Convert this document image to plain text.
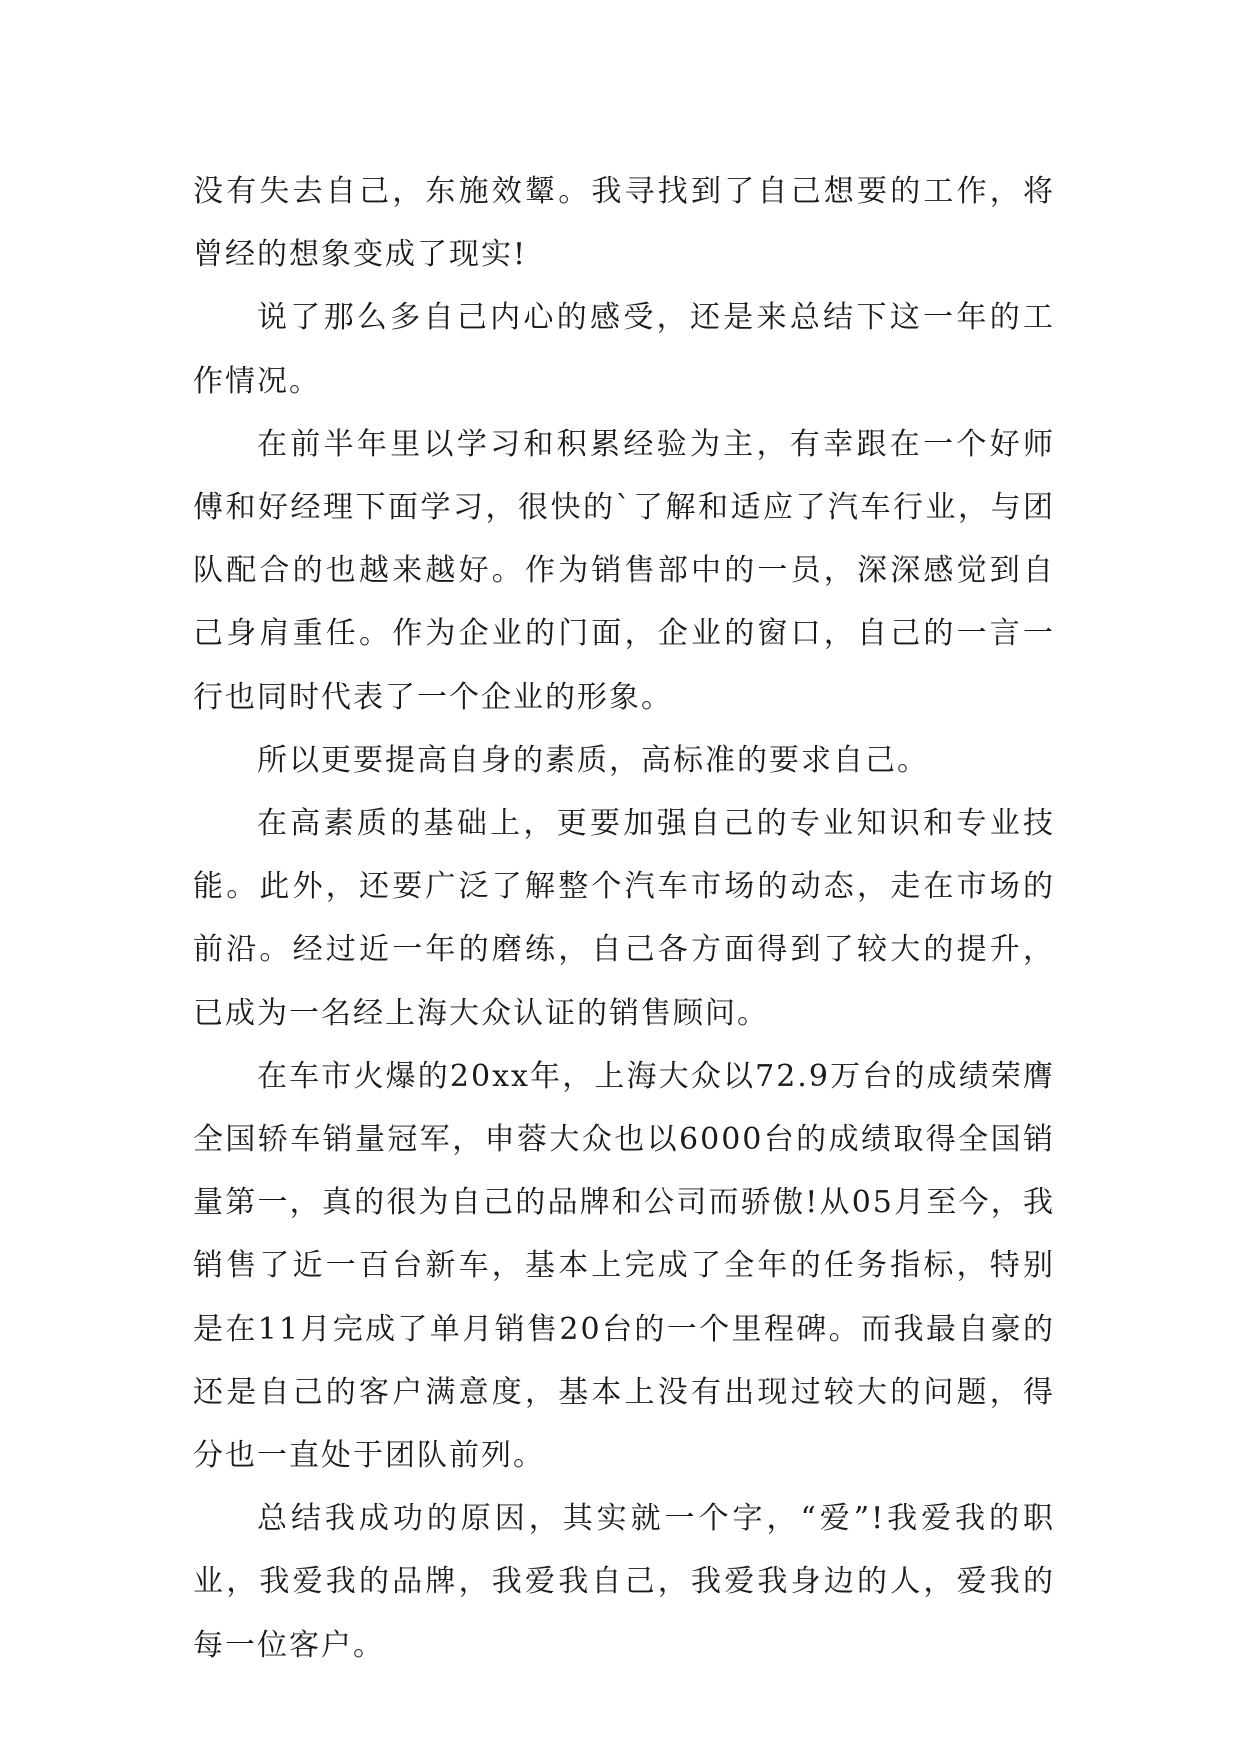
没有失去自己，东施效颦。我寻找到了自己想要的工作，将曾经的想象变成了现实!

说了那么多自己内心的感受，还是来总结下这一年的工作情况。

在前半年里以学习和积累经验为主，有幸跟在一个好师傅和好经理下面学习，很快的`了解和适应了汽车行业，与团队配合的也越来越好。作为销售部中的一员，深深感觉到自己身肩重任。作为企业的门面，企业的窗口，自己的一言一行也同时代表了一个企业的形象。

所以更要提高自身的素质，高标准的要求自己。

在高素质的基础上，更要加强自己的专业知识和专业技能。此外，还要广泛了解整个汽车市场的动态，走在市场的前沿。经过近一年的磨练，自己各方面得到了较大的提升，已成为一名经上海大众认证的销售顾问。

在车市火爆的20xx年，上海大众以72.9万台的成绩荣膺全国轿车销量冠军，申蓉大众也以6000台的成绩取得全国销量第一，真的很为自己的品牌和公司而骄傲!从05月至今，我销售了近一百台新车，基本上完成了全年的任务指标，特别是在11月完成了单月销售20台的一个里程碑。而我最自豪的还是自己的客户满意度，基本上没有出现过较大的问题，得分也一直处于团队前列。

总结我成功的原因，其实就一个字，“爱”!我爱我的职业，我爱我的品牌，我爱我自己，我爱我身边的人，爱我的每一位客户。
